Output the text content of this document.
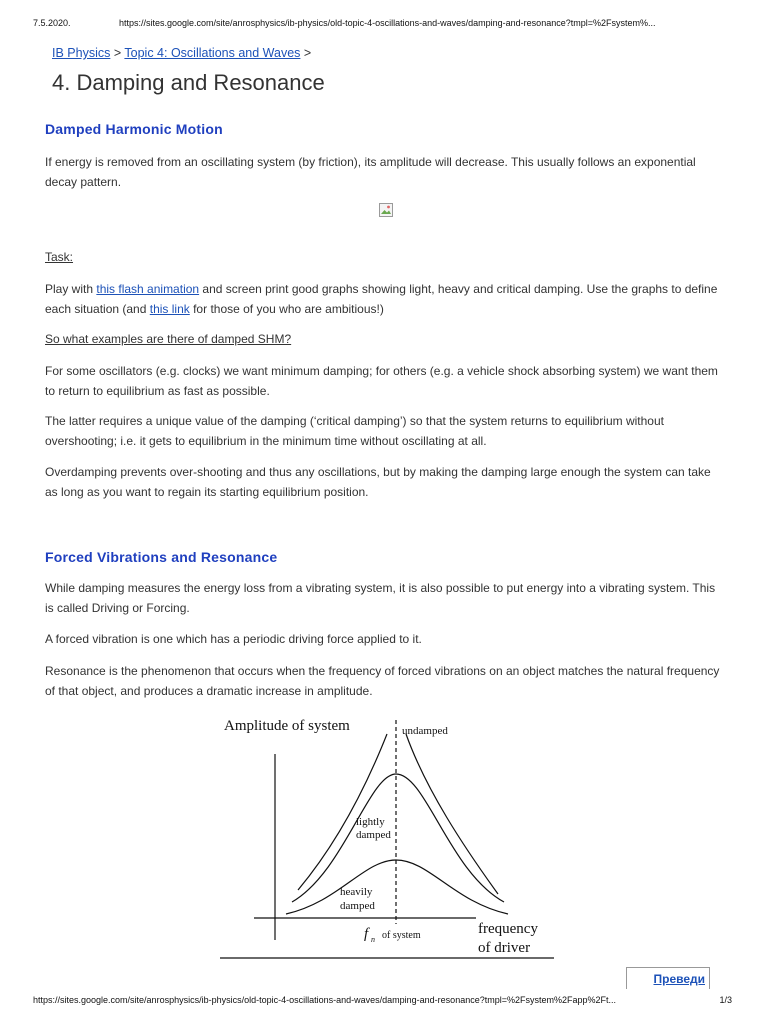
7.5.2020.	https://sites.google.com/site/anrosphysics/ib-physics/old-topic-4-oscillations-and-waves/damping-and-resonance?tmpl=%2Fsystem%...
IB Physics > Topic 4: Oscillations and Waves >
4. Damping and Resonance
Damped Harmonic Motion

If energy is removed from an oscillating system (by friction), its amplitude will decrease. This usually follows an exponential decay pattern.

Task:

Play with this flash animation and screen print good graphs showing light, heavy and critical damping. Use the graphs to define each situation (and this link for those of you who are ambitious!)

So what examples are there of damped SHM?

For some oscillators (e.g. clocks) we want minimum damping; for others (e.g. a vehicle shock absorbing system) we want them to return to equilibrium as fast as possible.

The latter requires a unique value of the damping (‘critical damping’) so that the system returns to equilibrium without overshooting; i.e. it gets to equilibrium in the minimum time without oscillating at all.

Overdamping prevents over-shooting and thus any oscillations, but by making the damping large enough the system can take as long as you want to regain its starting equilibrium position.

Forced Vibrations and Resonance

While damping measures the energy loss from a vibrating system, it is also possible to put energy into a vibrating system. This is called Driving or Forcing.

A forced vibration is one which has a periodic driving force applied to it.

Resonance is the phenomenon that occurs when the frequency of forced vibrations on an object matches the natural frequency of that object, and produces a dramatic increase in amplitude.

Amplitude of system	undamped
lightly
damped
heavily
damped
f n of system	frequency
of driver
Преведи
https://sites.google.com/site/anrosphysics/ib-physics/old-topic-4-oscillations-and-waves/damping-and-resonance?tmpl=%2Fsystem%2Fapp%2Ft...	1/3
